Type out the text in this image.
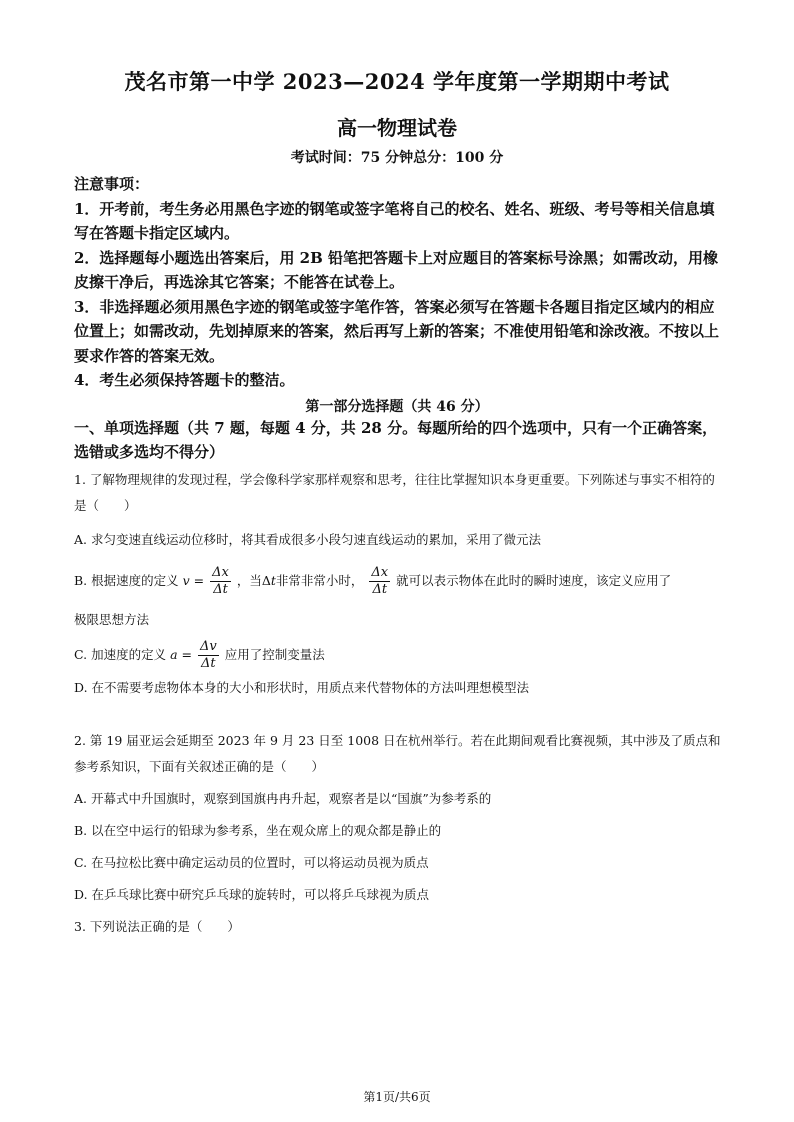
茂名市第一中学 2023—2024 学年度第一学期期中考试
高一物理试卷
考试时间：75 分钟总分：100 分

注意事项：

1．开考前，考生务必用黑色字迹的钢笔或签字笔将自己的校名、姓名、班级、考号等相关信息填写在答题卡指定区域内。

2．选择题每小题选出答案后，用 2B 铅笔把答题卡上对应题目的答案标号涂黑；如需改动，用橡皮擦干净后，再选涂其它答案；不能答在试卷上。

3．非选择题必须用黑色字迹的钢笔或签字笔作答，答案必须写在答题卡各题目指定区域内的相应位置上；如需改动，先划掉原来的答案，然后再写上新的答案；不准使用铅笔和涂改液。不按以上要求作答的答案无效。

4．考生必须保持答题卡的整洁。

第一部分选择题（共 46 分）

一、单项选择题（共 7 题，每题 4 分，共 28 分。每题所给的四个选项中，只有一个正确答案，选错或多选均不得分）

1. 了解物理规律的发现过程，学会像科学家那样观察和思考，往往比掌握知识本身更重要。下列陈述与事实不相符的是（　　）

A. 求匀变速直线运动位移时，将其看成很多小段匀速直线运动的累加，采用了微元法

B. 根据速度的定义 $v = \frac{\Delta x}{\Delta t}$ ，当Δt非常非常小时， $\frac{\Delta x}{\Delta t}$ 就可以表示物体在此时的瞬时速度，该定义应用了

极限思想方法

C. 加速度的定义 $a = \frac{\Delta v}{\Delta t}$ 应用了控制变量法

D. 在不需要考虑物体本身的大小和形状时，用质点来代替物体的方法叫理想模型法

2. 第 19 届亚运会延期至 2023 年 9 月 23 日至 1008 日在杭州举行。若在此期间观看比赛视频，其中涉及了质点和参考系知识，下面有关叙述正确的是（　　）

A. 开幕式中升国旗时，观察到国旗冉冉升起，观察者是以“国旗”为参考系的

B. 以在空中运行的铅球为参考系，坐在观众席上的观众都是静止的

C. 在马拉松比赛中确定运动员的位置时，可以将运动员视为质点

D. 在乒乓球比赛中研究乒乓球的旋转时，可以将乒乓球视为质点

3. 下列说法正确的是（　　）

第1页/共6页
